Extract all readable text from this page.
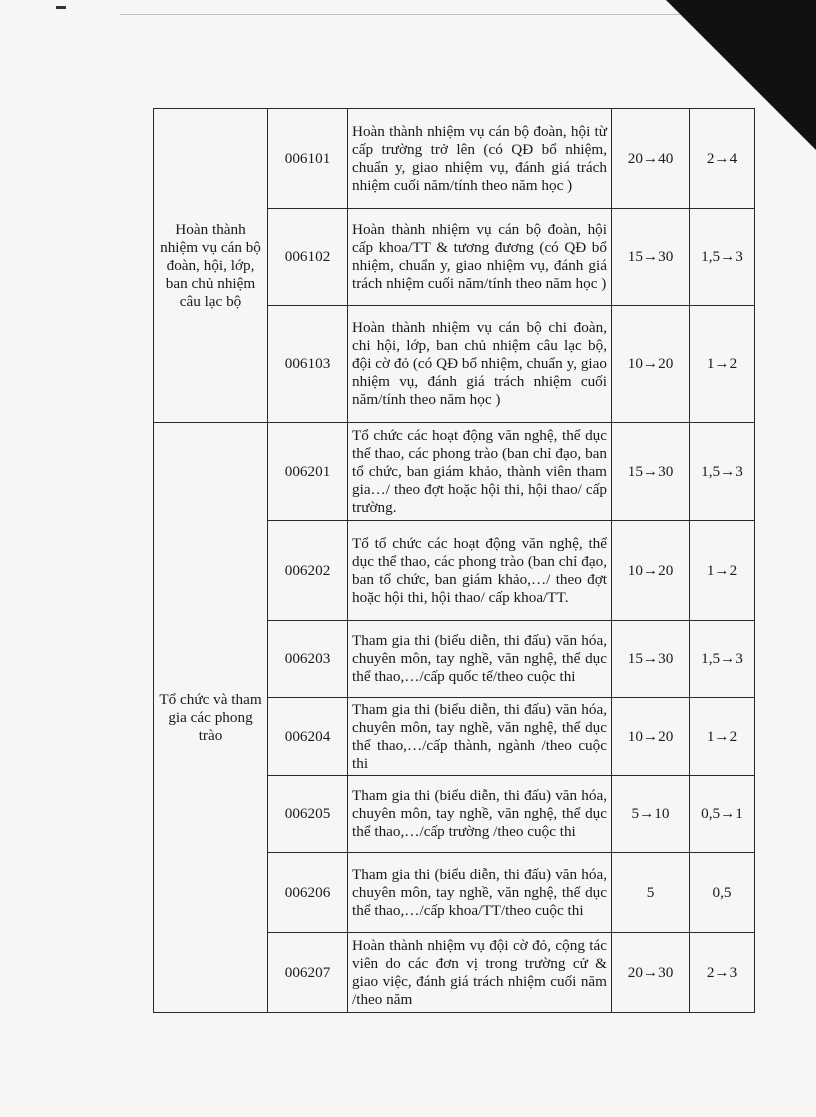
Hoàn thành nhiệm vụ cán bộ đoàn, hội, lớp, ban chủ nhiệm câu lạc bộ	006101	Hoàn thành nhiệm vụ cán bộ đoàn, hội từ cấp trường trở lên (có QĐ bổ nhiệm, chuẩn y, giao nhiệm vụ, đánh giá trách nhiệm cuối năm/tính theo năm học )	20→40	2→4
	006102	Hoàn thành nhiệm vụ cán bộ đoàn, hội cấp khoa/TT & tương đương (có QĐ bổ nhiệm, chuẩn y, giao nhiệm vụ, đánh giá trách nhiệm cuối năm/tính theo năm học )	15→30	1,5→3
	006103	Hoàn thành nhiệm vụ cán bộ chi đoàn, chi hội, lớp, ban chủ nhiệm câu lạc bộ, đội cờ đỏ (có QĐ bổ nhiệm, chuẩn y, giao nhiệm vụ, đánh giá trách nhiệm cuối năm/tính theo năm học )	10→20	1→2
Tổ chức và tham gia các phong trào	006201	Tổ chức các hoạt động văn nghệ, thể dục thể thao, các phong trào (ban chỉ đạo, ban tổ chức, ban giám khảo, thành viên tham gia…/ theo đợt hoặc hội thi, hội thao/ cấp trường.	15→30	1,5→3
	006202	Tổ tổ chức các hoạt động văn nghệ, thể dục thể thao, các phong trào (ban chỉ đạo, ban tổ chức, ban giám khảo,…/ theo đợt hoặc hội thi, hội thao/ cấp khoa/TT.	10→20	1→2
	006203	Tham gia thi (biểu diễn, thi đấu) văn hóa, chuyên môn, tay nghề, văn nghệ, thể dục thể thao,…/cấp quốc tế/theo cuộc thi	15→30	1,5→3
	006204	Tham gia thi (biểu diễn, thi đấu) văn hóa, chuyên môn, tay nghề, văn nghệ, thể dục thể thao,…/cấp thành, ngành /theo cuộc thi	10→20	1→2
	006205	Tham gia thi (biểu diễn, thi đấu) văn hóa, chuyên môn, tay nghề, văn nghệ, thể dục thể thao,…/cấp trường /theo cuộc thi	5→10	0,5→1
	006206	Tham gia thi (biểu diễn, thi đấu) văn hóa, chuyên môn, tay nghề, văn nghệ, thể dục thể thao,…/cấp khoa/TT/theo cuộc thi	5	0,5
	006207	Hoàn thành nhiệm vụ đội cờ đỏ, cộng tác viên do các đơn vị trong trường cử & giao việc, đánh giá trách nhiệm cuối năm /theo năm	20→30	2→3
